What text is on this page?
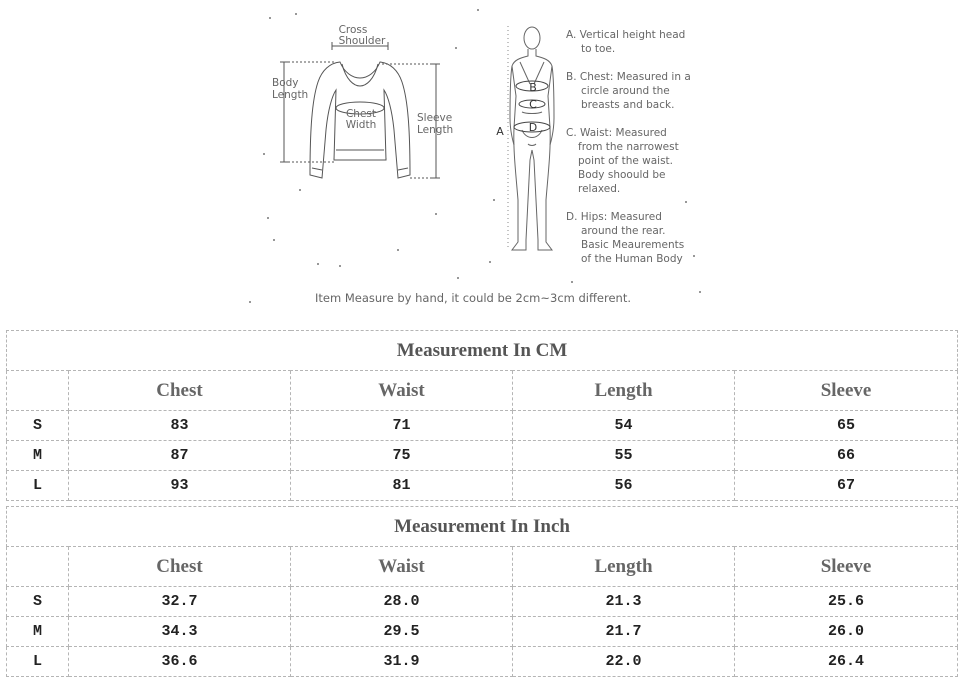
Cross
Shoulder
Body
Length
Chest
Width
Sleeve
Length
B
C
D
A
A. Vertical height head
to toe.
B. Chest: Measured in a
circle around the
breasts and back.
C. Waist: Measured
from the narrowest
point of the waist.
Body shoould be
relaxed.
D. Hips: Measured
around the rear.
Basic Meaurements
of the Human Body
Item Measure by hand, it could be 2cm~3cm different.
Measurement In CM				
	Chest	Waist	Length	Sleeve
S	83	71	54	65
M	87	75	55	66
L	93	81	56	67
Measurement In Inch				
	Chest	Waist	Length	Sleeve
S	32.7	28.0	21.3	25.6
M	34.3	29.5	21.7	26.0
L	36.6	31.9	22.0	26.4
